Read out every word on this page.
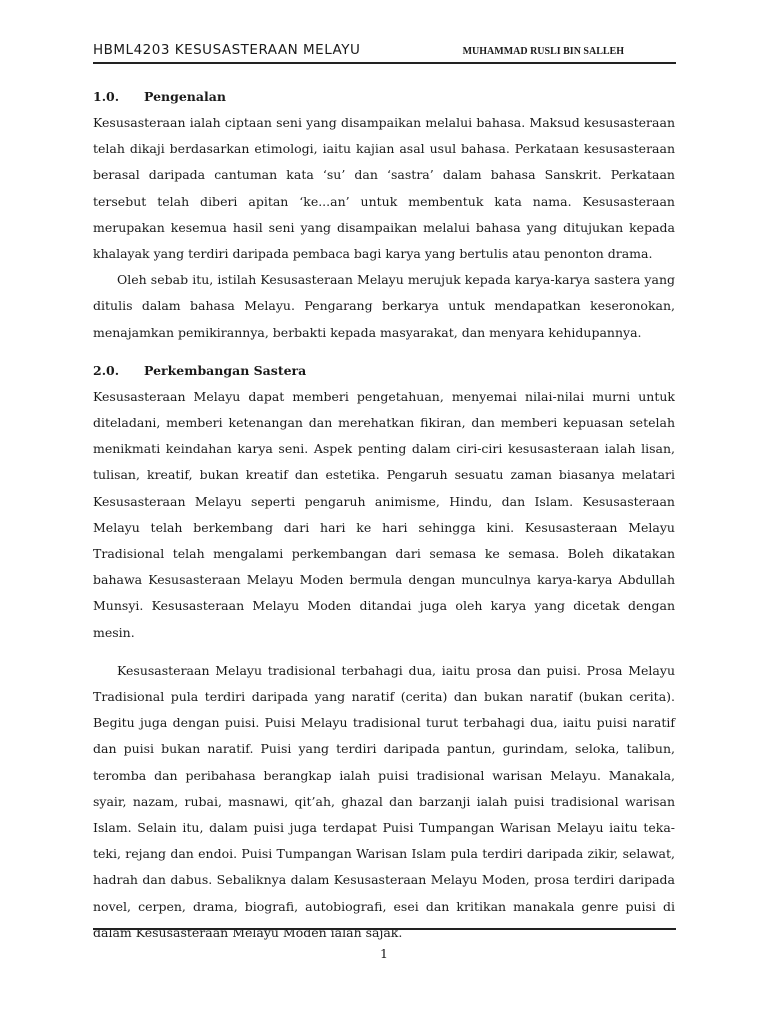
HBML4203 KESUSASTERAAN MELAYU	MUHAMMAD RUSLI BIN SALLEH
1.0. Pengenalan

Kesusasteraan ialah ciptaan seni yang disampaikan melalui bahasa. Maksud kesusasteraan telah dikaji berdasarkan etimologi, iaitu kajian asal usul bahasa. Perkataan kesusasteraan berasal daripada cantuman kata ‘su’ dan ‘sastra’ dalam bahasa Sanskrit. Perkataan tersebut telah diberi apitan ‘ke...an’ untuk membentuk kata nama. Kesusasteraan merupakan kesemua hasil seni yang disampaikan melalui bahasa yang ditujukan kepada khalayak yang terdiri daripada pembaca bagi karya yang bertulis atau penonton drama.

Oleh sebab itu, istilah Kesusasteraan Melayu merujuk kepada karya-karya sastera yang ditulis dalam bahasa Melayu. Pengarang berkarya untuk mendapatkan keseronokan, menajamkan pemikirannya, berbakti kepada masyarakat, dan menyara kehidupannya.

2.0. Perkembangan Sastera

Kesusasteraan Melayu dapat memberi pengetahuan, menyemai nilai-nilai murni untuk diteladani, memberi ketenangan dan merehatkan fikiran, dan memberi kepuasan setelah menikmati keindahan karya seni. Aspek penting dalam ciri-ciri kesusasteraan ialah lisan, tulisan, kreatif, bukan kreatif dan estetika. Pengaruh sesuatu zaman biasanya melatari Kesusasteraan Melayu seperti pengaruh animisme, Hindu, dan Islam. Kesusasteraan Melayu telah berkembang dari hari ke hari sehingga kini. Kesusasteraan Melayu Tradisional telah mengalami perkembangan dari semasa ke semasa. Boleh dikatakan bahawa Kesusasteraan Melayu Moden bermula dengan munculnya karya-karya Abdullah Munsyi. Kesusasteraan Melayu Moden ditandai juga oleh karya yang dicetak dengan mesin.

Kesusasteraan Melayu tradisional terbahagi dua, iaitu prosa dan puisi. Prosa Melayu Tradisional pula terdiri daripada yang naratif (cerita) dan bukan naratif (bukan cerita). Begitu juga dengan puisi. Puisi Melayu tradisional turut terbahagi dua, iaitu puisi naratif dan puisi bukan naratif. Puisi yang terdiri daripada pantun, gurindam, seloka, talibun, teromba dan peribahasa berangkap ialah puisi tradisional warisan Melayu. Manakala, syair, nazam, rubai, masnawi, qit’ah, ghazal dan barzanji ialah puisi tradisional warisan Islam. Selain itu, dalam puisi juga terdapat Puisi Tumpangan Warisan Melayu iaitu teka-teki, rejang dan endoi. Puisi Tumpangan Warisan Islam pula terdiri daripada zikir, selawat, hadrah dan dabus. Sebaliknya dalam Kesusasteraan Melayu Moden, prosa terdiri daripada novel, cerpen, drama, biografi, autobiografi, esei dan kritikan manakala genre puisi di dalam Kesusasteraan Melayu Moden ialah sajak.

1
